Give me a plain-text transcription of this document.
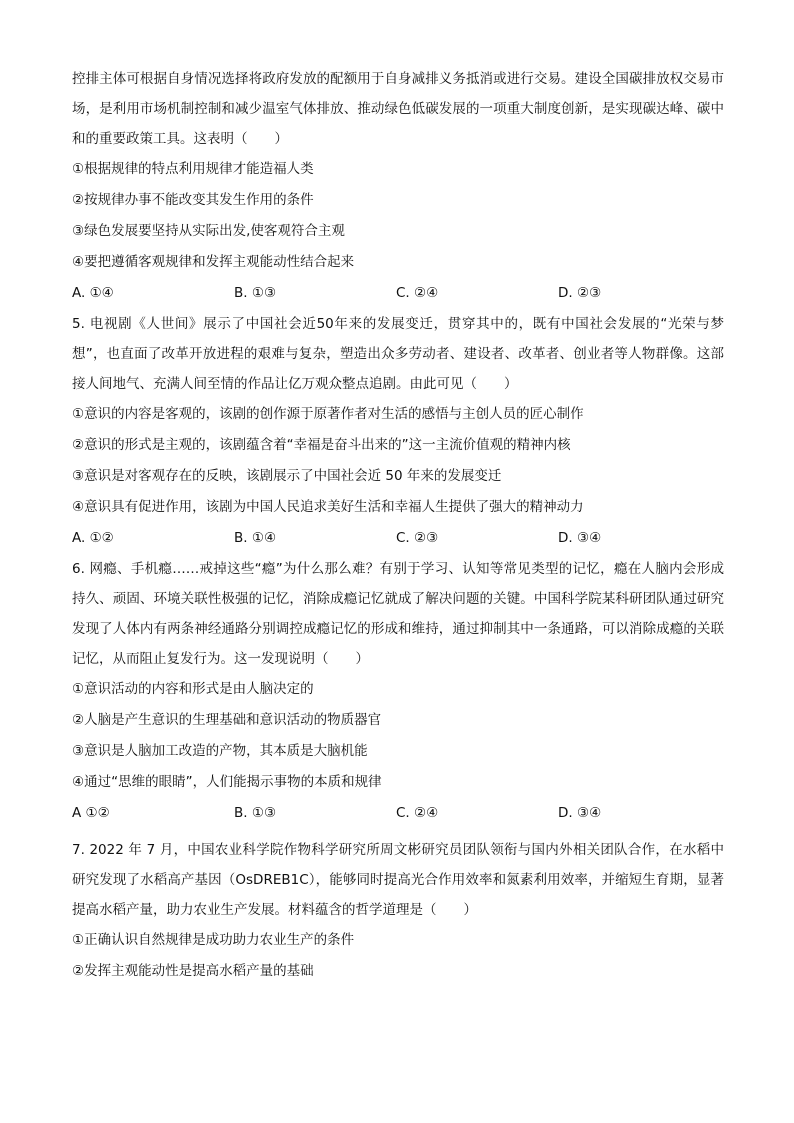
控排主体可根据自身情况选择将政府发放的配额用于自身减排义务抵消或进行交易。建设全国碳排放权交易市场，是利用市场机制控制和减少温室气体排放、推动绿色低碳发展的一项重大制度创新，是实现碳达峰、碳中和的重要政策工具。这表明（　　）

①根据规律的特点利用规律才能造福人类
②按规律办事不能改变其发生作用的条件
③绿色发展要坚持从实际出发,使客观符合主观
④要把遵循客观规律和发挥主观能动性结合起来
A. ①④	B. ①③	C. ②④	D. ②③

5. 电视剧《人世间》展示了中国社会近50年来的发展变迁，贯穿其中的，既有中国社会发展的“光荣与梦想”，也直面了改革开放进程的艰难与复杂，塑造出众多劳动者、建设者、改革者、创业者等人物群像。这部接人间地气、充满人间至情的作品让亿万观众整点追剧。由此可见（　　）

①意识的内容是客观的，该剧的创作源于原著作者对生活的感悟与主创人员的匠心制作
②意识的形式是主观的，该剧蕴含着“幸福是奋斗出来的”这一主流价值观的精神内核
③意识是对客观存在的反映，该剧展示了中国社会近 50 年来的发展变迁
④意识具有促进作用，该剧为中国人民追求美好生活和幸福人生提供了强大的精神动力
A. ①②	B. ①④	C. ②③	D. ③④

6. 网瘾、手机瘾……戒掉这些“瘾”为什么那么难？有别于学习、认知等常见类型的记忆，瘾在人脑内会形成持久、顽固、环境关联性极强的记忆，消除成瘾记忆就成了解决问题的关键。中国科学院某科研团队通过研究发现了人体内有两条神经通路分别调控成瘾记忆的形成和维持，通过抑制其中一条通路，可以消除成瘾的关联记忆，从而阻止复发行为。这一发现说明（　　）

①意识活动的内容和形式是由人脑决定的
②人脑是产生意识的生理基础和意识活动的物质器官
③意识是人脑加工改造的产物，其本质是大脑机能
④通过“思维的眼睛”，人们能揭示事物的本质和规律
A ①②	B. ①③	C. ②④	D. ③④

7. 2022 年 7 月，中国农业科学院作物科学研究所周文彬研究员团队领衔与国内外相关团队合作，在水稻中研究发现了水稻高产基因（OsDREB1C），能够同时提高光合作用效率和氮素利用效率，并缩短生育期，显著提高水稻产量，助力农业生产发展。材料蕴含的哲学道理是（　　）

①正确认识自然规律是成功助力农业生产的条件
②发挥主观能动性是提高水稻产量的基础
